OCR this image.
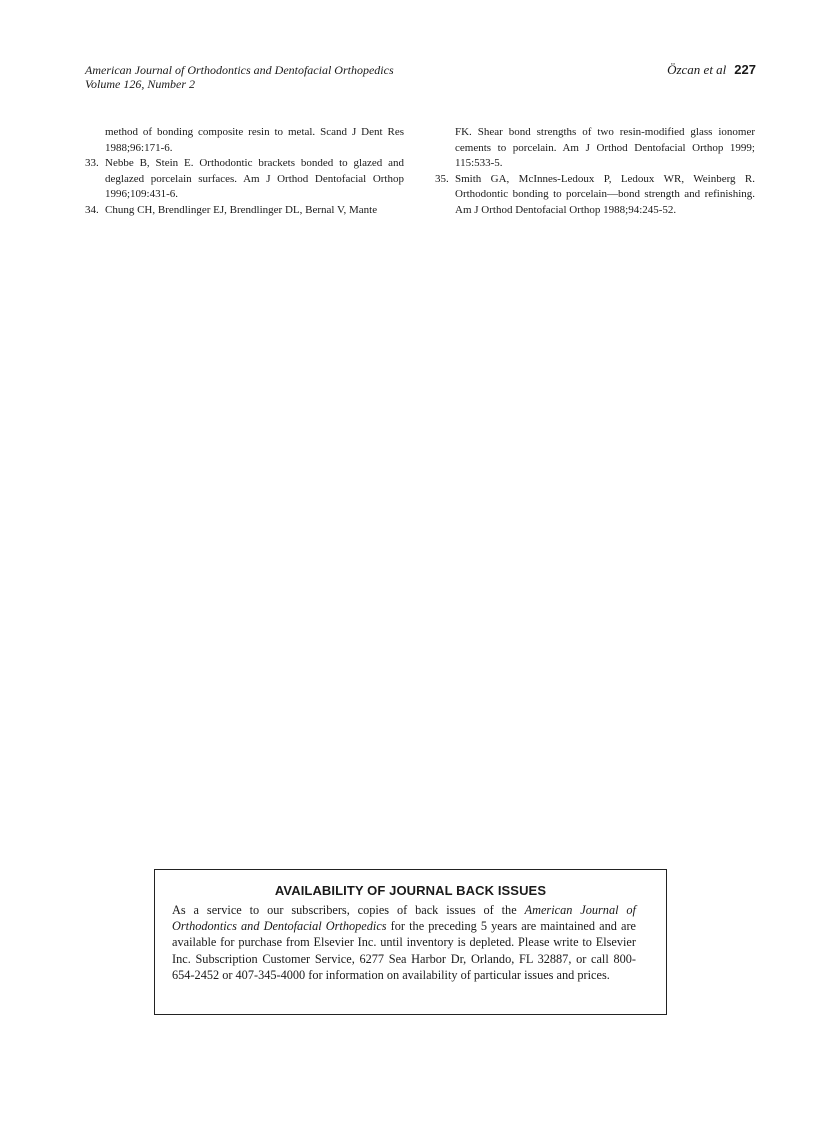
American Journal of Orthodontics and Dentofacial Orthopedics
Volume 126, Number 2
Özcan et al 227

method of bonding composite resin to metal. Scand J Dent Res 1988;96:171-6.

33. Nebbe B, Stein E. Orthodontic brackets bonded to glazed and deglazed porcelain surfaces. Am J Orthod Dentofacial Orthop 1996;109:431-6.

34. Chung CH, Brendlinger EJ, Brendlinger DL, Bernal V, Mante

FK. Shear bond strengths of two resin-modified glass ionomer cements to porcelain. Am J Orthod Dentofacial Orthop 1999; 115:533-5.

35. Smith GA, McInnes-Ledoux P, Ledoux WR, Weinberg R. Orthodontic bonding to porcelain—bond strength and refinishing. Am J Orthod Dentofacial Orthop 1988;94:245-52.

AVAILABILITY OF JOURNAL BACK ISSUES
As a service to our subscribers, copies of back issues of the American Journal of Orthodontics and Dentofacial Orthopedics for the preceding 5 years are maintained and are available for purchase from Elsevier Inc. until inventory is depleted. Please write to Elsevier Inc. Subscription Customer Service, 6277 Sea Harbor Dr, Orlando, FL 32887, or call 800-654-2452 or 407-345-4000 for information on availability of particular issues and prices.
